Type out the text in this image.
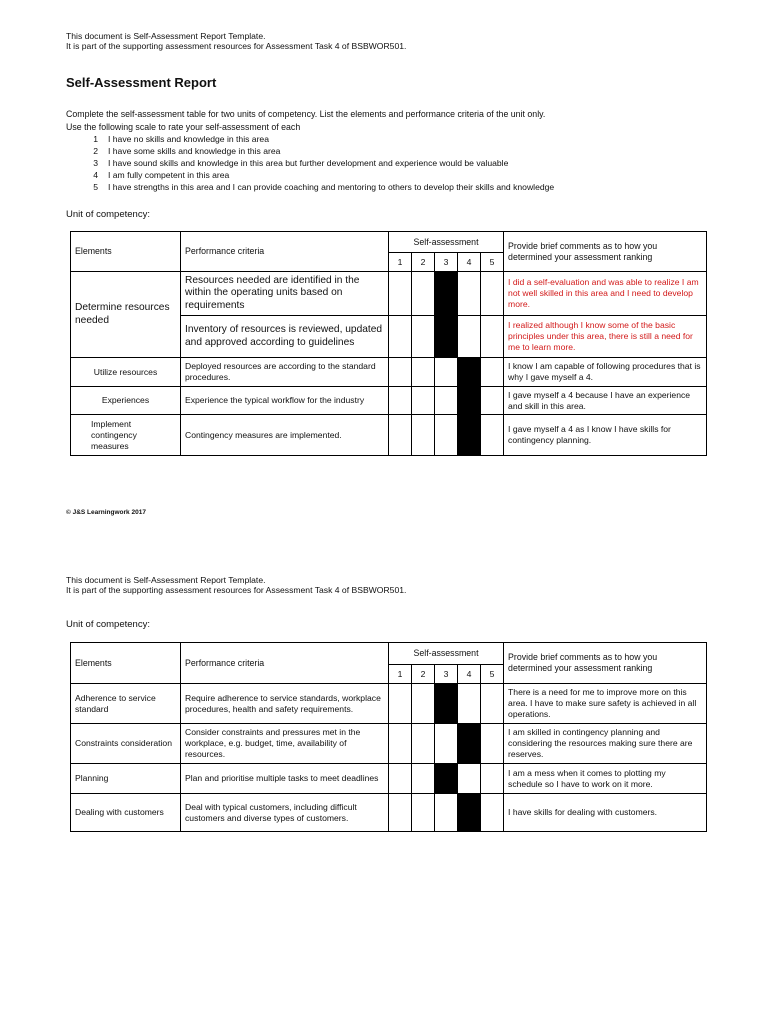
This document is Self-Assessment Report Template.
It is part of the supporting assessment resources for Assessment Task 4 of BSBWOR501.
Self-Assessment Report
Complete the self-assessment table for two units of competency. List the elements and performance criteria of the unit only.
Use the following scale to rate your self-assessment of each
1 I have no skills and knowledge in this area
2 I have some skills and knowledge in this area
3 I have sound skills and knowledge in this area but further development and experience would be valuable
4 I am fully competent in this area
5 I have strengths in this area and I can provide coaching and mentoring to others to develop their skills and knowledge
Unit of competency:
Elements	Performance criteria	Self-assessment					Provide brief comments as to how you determined your assessment ranking
		1	2	3	4	5	
Determine resources needed	Resources needed are identified in the within the operating units based on requirements						I did a self-evaluation and was able to realize I am not well skilled in this area and I need to develop more.
	Inventory of resources is reviewed, updated and approved according to guidelines						I realized although I know some of the basic principles under this area, there is still a need for me to learn more.
Utilize resources	Deployed resources are according to the standard procedures.						I know I am capable of following procedures that is why I gave myself a 4.
Experiences	Experience the typical workflow for the industry						I gave myself a 4 because I have an experience and skill in this area.
Implement contingency measures	Contingency measures are implemented.						I gave myself a 4 as I know I have skills for contingency planning.
© J&S Learningwork 2017
This document is Self-Assessment Report Template.
It is part of the supporting assessment resources for Assessment Task 4 of BSBWOR501.
Unit of competency:
Elements	Performance criteria	Self-assessment					Provide brief comments as to how you determined your assessment ranking
		1	2	3	4	5	
Adherence to service standard	Require adherence to service standards, workplace procedures, health and safety requirements.						There is a need for me to improve more on this area. I have to make sure safety is achieved in all operations.
Constraints consideration	Consider constraints and pressures met in the workplace, e.g. budget, time, availability of resources.						I am skilled in contingency planning and considering the resources making sure there are reserves.
Planning	Plan and prioritise multiple tasks to meet deadlines						I am a mess when it comes to plotting my schedule so I have to work on it more.
Dealing with customers	Deal with typical customers, including difficult customers and diverse types of customers.						I have skills for dealing with customers.
